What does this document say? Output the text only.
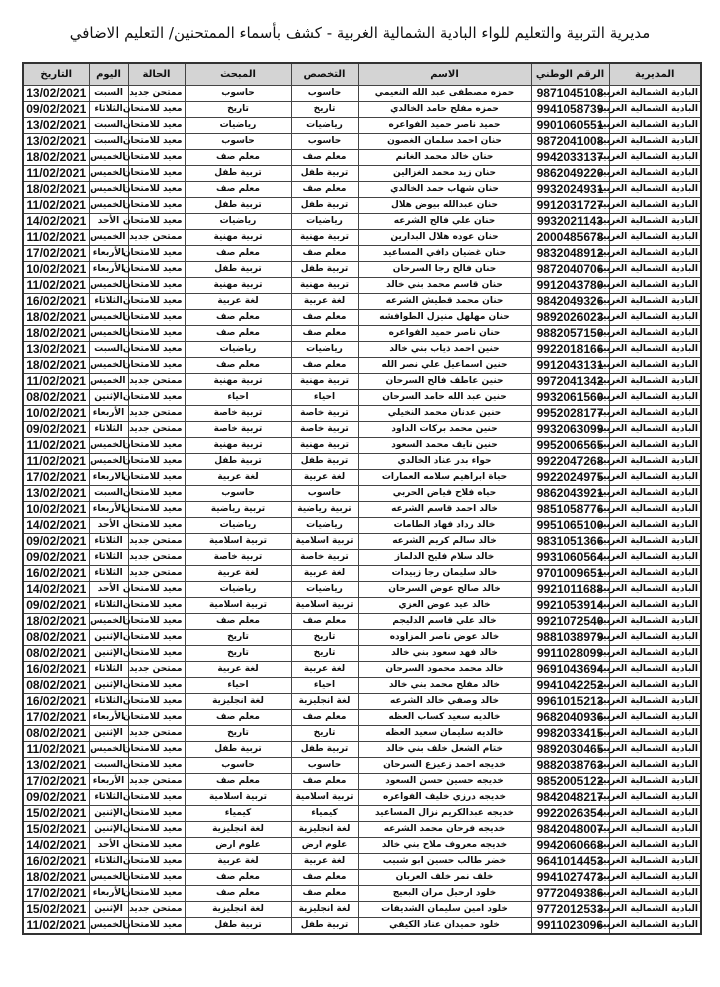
مديرية التربية والتعليم للواء البادية الشمالية الغربية - كشف بأسماء الممتحنين/ التعليم الاضافي
المديرية	الرقم الوطني	الاسم	التخصص	المبحث	الحالة	اليوم	التاريخ
البادية الشمالية الغربية	9871045108	حمزه مصطفى عبد الله النعيمي	حاسوب	حاسوب	ممتحن جديد	السبت	13/02/2021
البادية الشمالية الغربية	9941058739	حمزه مفلح حامد الخالدي	تاريخ	تاريخ	معيد للامتحان	الثلاثاء	09/02/2021
البادية الشمالية الغربية	9901060551	حميد ناصر حميد الفواعره	رياضيات	رياضيات	معيد للامتحان	السبت	13/02/2021
البادية الشمالية الغربية	9872041008	حنان احمد سلمان الغصون	حاسوب	حاسوب	معيد للامتحان	السبت	13/02/2021
البادية الشمالية الغربية	9942033137	حنان خالد محمد الغانم	معلم صف	معلم صف	معيد للامتحان	الخميس	18/02/2021
البادية الشمالية الغربية	9862049220	حنان زيد محمد الغزالين	تربية طفل	تربية طفل	معيد للامتحان	الخميس	11/02/2021
البادية الشمالية الغربية	9932024931	حنان شهاب حمد الخالدي	معلم صف	معلم صف	معيد للامتحان	الخميس	18/02/2021
البادية الشمالية الغربية	9912031727	حنان عبدالله بيوض هلال	تربية طفل	تربية طفل	معيد للامتحان	الخميس	11/02/2021
البادية الشمالية الغربية	9932021143	حنان علي فالح الشرعه	رياضيات	رياضيات	معيد للامتحان	الأحد	14/02/2021
البادية الشمالية الغربية	2000485678	حنان عوده هلال البدارين	تربية مهنية	تربية مهنية	ممتحن جديد	الخميس	11/02/2021
البادية الشمالية الغربية	9832048912	حنان غضيان دافي المساعيد	معلم صف	معلم صف	معيد للامتحان	الأربعاء	17/02/2021
البادية الشمالية الغربية	9872040706	حنان فالح رجا السرحان	تربية طفل	تربية طفل	معيد للامتحان	الأربعاء	10/02/2021
البادية الشمالية الغربية	9912043780	حنان قاسم محمد بني خالد	تربية مهنية	تربية مهنية	معيد للامتحان	الخميس	11/02/2021
البادية الشمالية الغربية	9842049326	حنان محمد قطيش الشرعه	لغة عربية	لغة عربية	معيد للامتحان	الثلاثاء	16/02/2021
البادية الشمالية الغربية	9892026023	حنان مهلهل منيزل الطوافشه	معلم صف	معلم صف	معيد للامتحان	الخميس	18/02/2021
البادية الشمالية الغربية	9882057150	حنان ناصر حميد الفواعره	معلم صف	معلم صف	معيد للامتحان	الخميس	18/02/2021
البادية الشمالية الغربية	9922018166	حنين احمد ذياب بني خالد	رياضيات	رياضيات	معيد للامتحان	السبت	13/02/2021
البادية الشمالية الغربية	9912043131	حنين اسماعيل علي نصر الله	معلم صف	معلم صف	معيد للامتحان	الخميس	18/02/2021
البادية الشمالية الغربية	9972041342	حنين عاطف فالح السرحان	تربية مهنية	تربية مهنية	ممتحن جديد	الخميس	11/02/2021
البادية الشمالية الغربية	9932061560	حنين عبد الله حامد السرحان	احياء	احياء	معيد للامتحان	الإثنين	08/02/2021
البادية الشمالية الغربية	9952028177	حنين عدنان محمد النخيلي	تربية خاصة	تربية خاصة	ممتحن جديد	الأربعاء	10/02/2021
البادية الشمالية الغربية	9932063099	حنين محمد بركات الداود	تربية خاصة	تربية خاصة	ممتحن جديد	الثلاثاء	09/02/2021
البادية الشمالية الغربية	9952006565	حنين نايف محمد السعود	تربية مهنية	تربية مهنية	معيد للامتحان	الخميس	11/02/2021
البادية الشمالية الغربية	9922047268	حواء بدر عناد الخالدي	تربية طفل	تربية طفل	معيد للامتحان	الخميس	11/02/2021
البادية الشمالية الغربية	9922024975	حياة ابراهيم سلامه العمارات	لغة عربية	لغة عربية	معيد للامتحان	الاربعاء	17/02/2021
البادية الشمالية الغربية	9862043921	حياه فلاح فياض الحربي	حاسوب	حاسوب	معيد للامتحان	السبت	13/02/2021
البادية الشمالية الغربية	9851058776	خالد احمد قاسم الشرعه	تربية رياضية	تربية رياضية	معيد للامتحان	الأربعاء	10/02/2021
البادية الشمالية الغربية	9951065100	خالد رداد فهاد الطامات	رياضيات	رياضيات	معيد للامتحان	الأحد	14/02/2021
البادية الشمالية الغربية	9831051366	خالد سالم كريم الشرعه	تربية اسلامية	تربية اسلامية	ممتحن جديد	الثلاثاء	09/02/2021
البادية الشمالية الغربية	9931060564	خالد سلام فليح الدلماز	تربية خاصة	تربية خاصة	ممتحن جديد	الثلاثاء	09/02/2021
البادية الشمالية الغربية	9701009651	خالد سليمان رجا زبيدات	لغة عربية	لغة عربية	ممتحن جديد	الثلاثاء	16/02/2021
البادية الشمالية الغربية	9921011688	خالد صالح عوض السرحان	رياضيات	رياضيات	معيد للامتحان	الأحد	14/02/2021
البادية الشمالية الغربية	9921053914	خالد عيد عوض العزي	تربية اسلامية	تربية اسلامية	معيد للامتحان	الثلاثاء	09/02/2021
البادية الشمالية الغربية	9921072540	خالد علي قاسم الدليجم	معلم صف	معلم صف	معيد للامتحان	الخميس	18/02/2021
البادية الشمالية الغربية	9881038979	خالد عوض ناصر المزاوده	تاريخ	تاريخ	معيد للامتحان	الإثنين	08/02/2021
البادية الشمالية الغربية	9911028099	خالد فهد سعود بني خالد	تاريخ	تاريخ	معيد للامتحان	الإثنين	08/02/2021
البادية الشمالية الغربية	9691043694	خالد محمد محمود السرحان	لغة عربية	لغة عربية	ممتحن جديد	الثلاثاء	16/02/2021
البادية الشمالية الغربية	9941042252	خالد مفلح محمد بني خالد	احياء	احياء	معيد للامتحان	الإثنين	08/02/2021
البادية الشمالية الغربية	9961015213	خالد وصفي خالد الشرعه	لغة انجليزية	لغة انجليزية	معيد للامتحان	الثلاثاء	16/02/2021
البادية الشمالية الغربية	9682040936	خالديه سعيد كساب العظه	معلم صف	معلم صف	معيد للامتحان	الأربعاء	17/02/2021
البادية الشمالية الغربية	9982033415	خالديه سليمان سعيد العظه	تاريخ	تاريخ	ممتحن جديد	الإثنين	08/02/2021
البادية الشمالية الغربية	9892030465	ختام الشعل خلف بني خالد	تربية طفل	تربية طفل	معيد للامتحان	الخميس	11/02/2021
البادية الشمالية الغربية	9882038763	خديجه احمد زعيزع السرحان	حاسوب	حاسوب	معيد للامتحان	السبت	13/02/2021
البادية الشمالية الغربية	9852005122	خديجه حسين حسن السعود	معلم صف	معلم صف	ممتحن جديد	الأربعاء	17/02/2021
البادية الشمالية الغربية	9842048217	خديجه درزي خليف الفواعره	تربية اسلامية	تربية اسلامية	معيد للامتحان	الثلاثاء	09/02/2021
البادية الشمالية الغربية	9922026354	خديجه عبدالكريم نزال المساعيد	كيمياء	كيمياء	معيد للامتحان	الإثنين	15/02/2021
البادية الشمالية الغربية	9842048007	خديجه فرحان محمد الشرعه	لغة انجليزية	لغة انجليزية	معيد للامتحان	الإثنين	15/02/2021
البادية الشمالية الغربية	9942060668	خديجه معروف ملاح بني خالد	علوم ارض	علوم ارض	معيد للامتحان	الأحد	14/02/2021
البادية الشمالية الغربية	9641014453	خضر طالب حسين ابو شبيب	لغة عربية	لغة عربية	معيد للامتحان	الثلاثاء	16/02/2021
البادية الشمالية الغربية	9941027473	خلف نمر خلف العربان	معلم صف	معلم صف	معيد للامتحان	الخميس	18/02/2021
البادية الشمالية الغربية	9772049386	خلود ارحيل مران البعيج	معلم صف	معلم صف	معيد للامتحان	الأربعاء	17/02/2021
البادية الشمالية الغربية	9772012533	خلود امين سليمان الشديفات	لغة انجليزية	لغة انجليزية	ممتحن جديد	الإثنين	15/02/2021
البادية الشمالية الغربية	9911023096	خلود حميدان عناد الكيفي	تربية طفل	تربية طفل	معيد للامتحان	الخميس	11/02/2021
